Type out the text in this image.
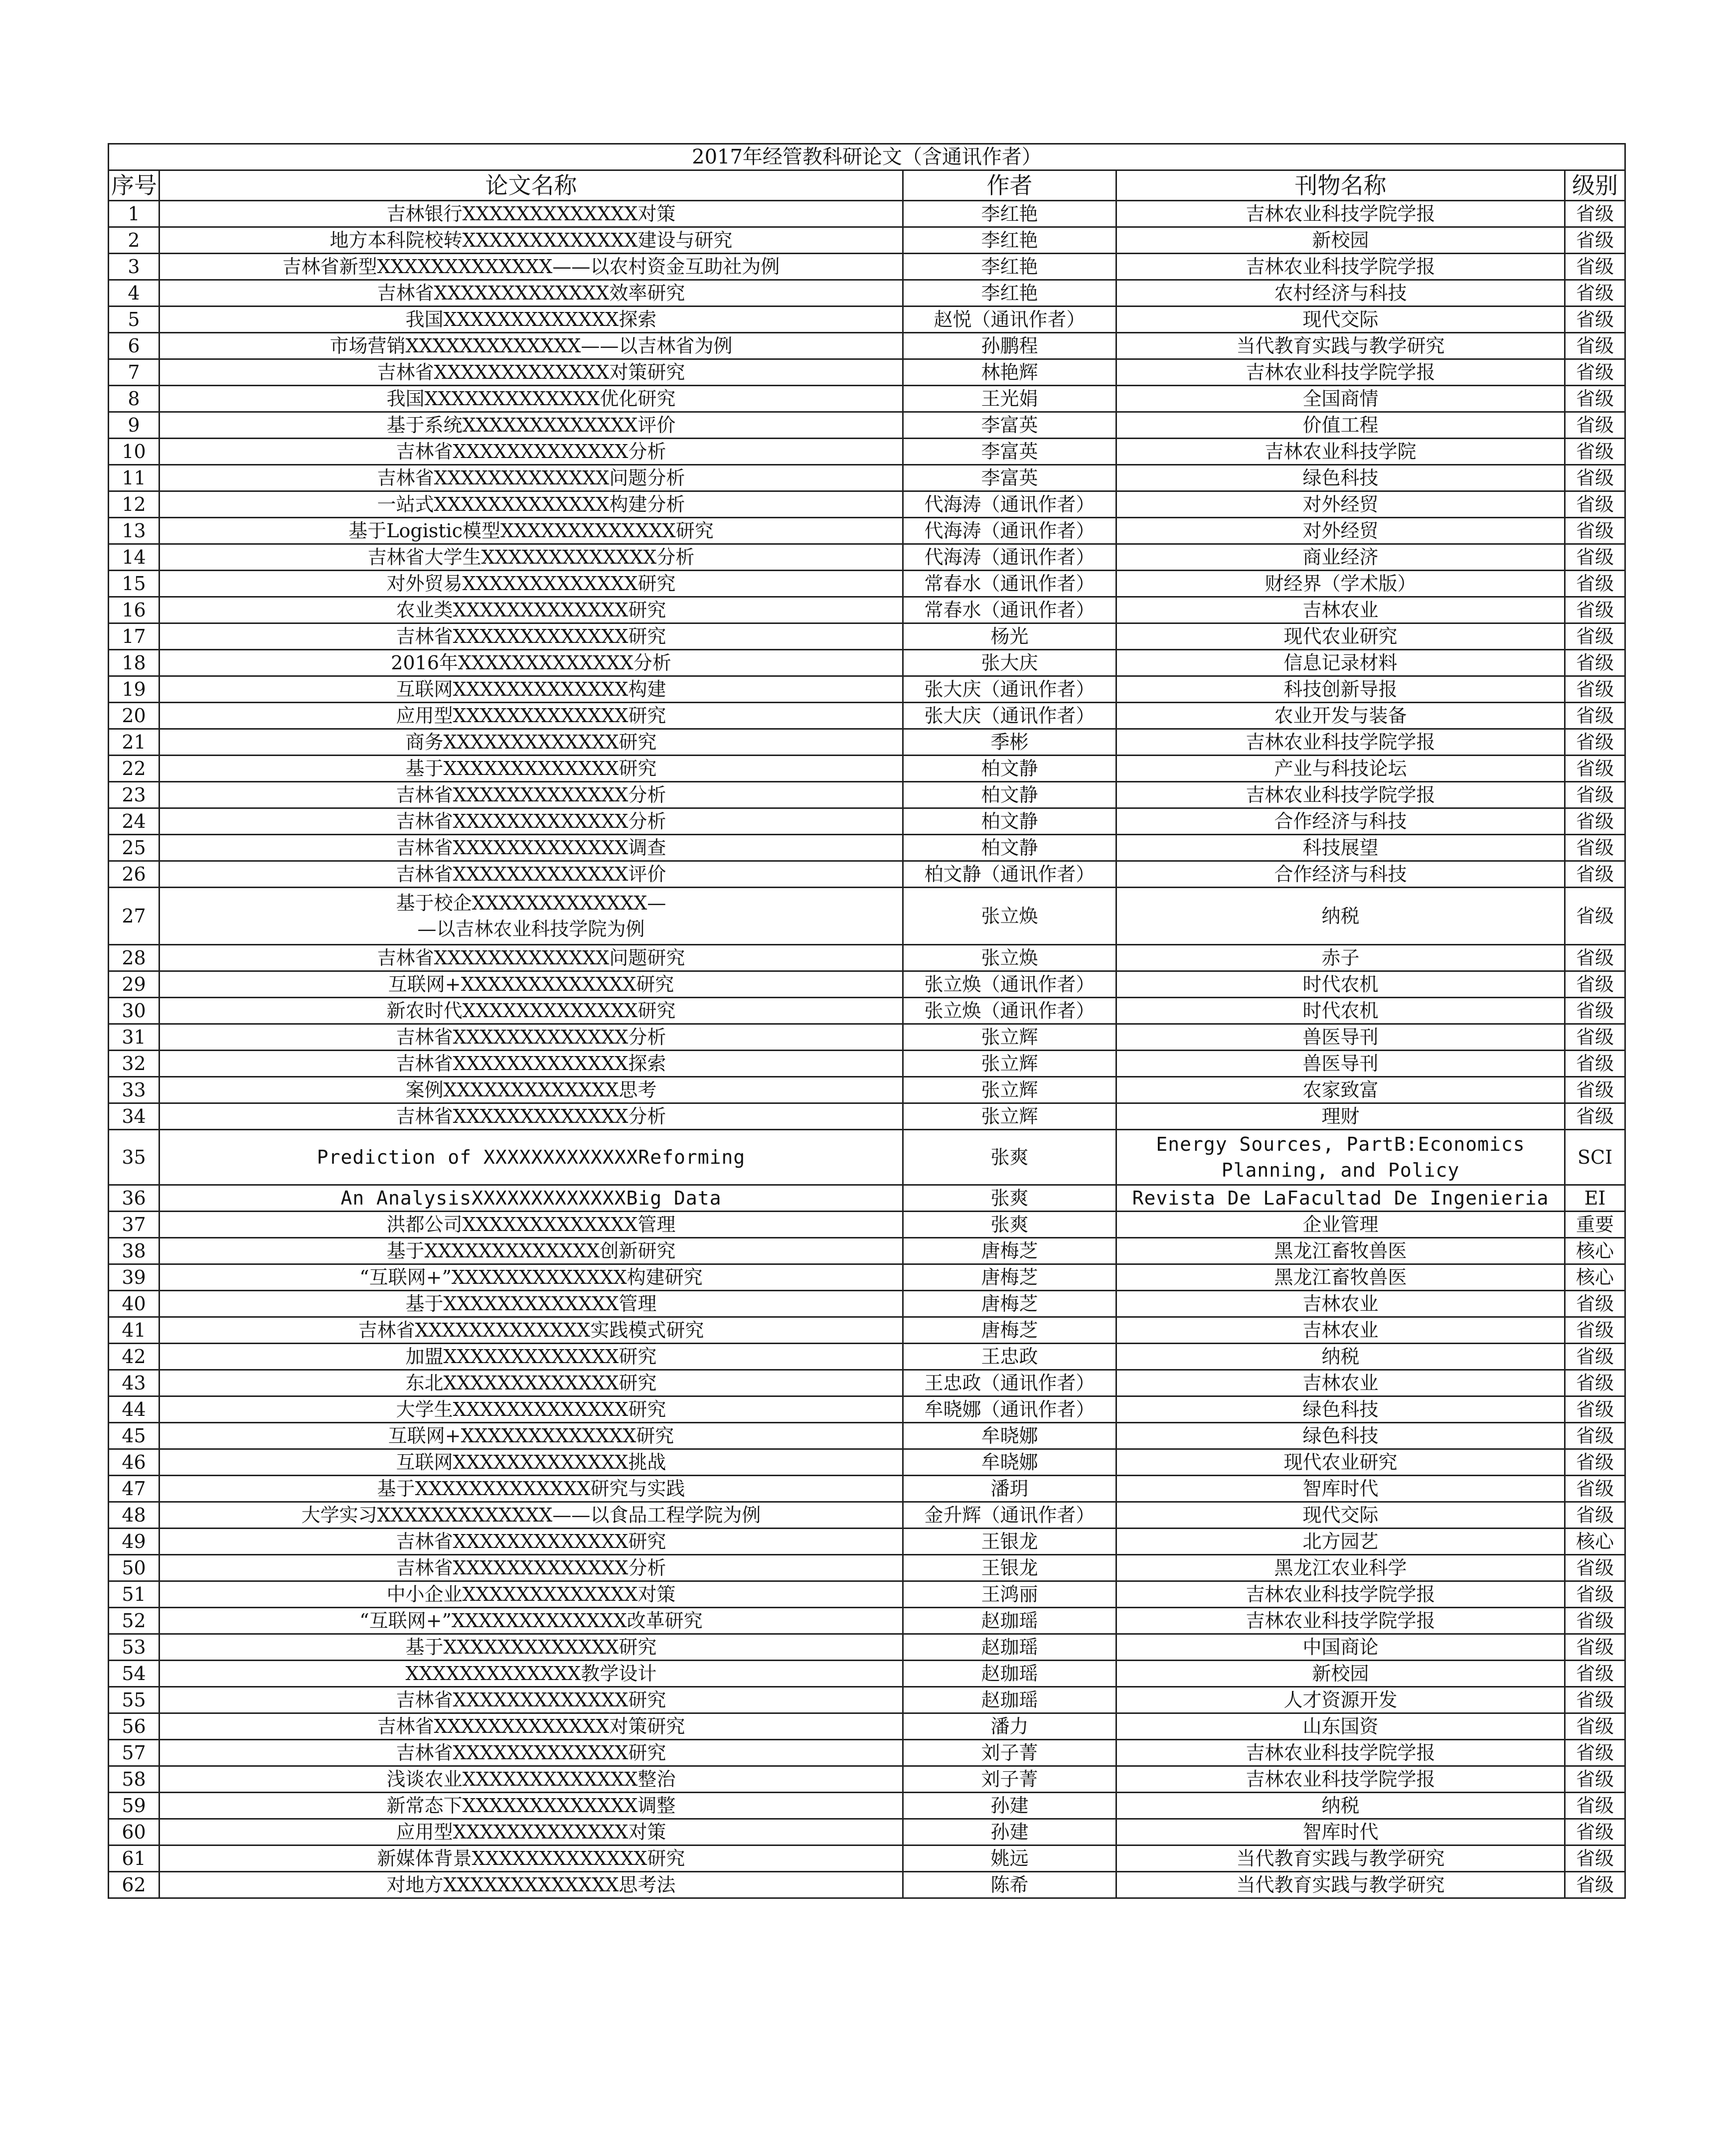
2017年经管教科研论文（含通讯作者）				
序号	论文名称	作者	刊物名称	级别
1	吉林银行XXXXXXXXXXXXX对策	李红艳	吉林农业科技学院学报	省级
2	地方本科院校转XXXXXXXXXXXXX建设与研究	李红艳	新校园	省级
3	吉林省新型XXXXXXXXXXXXX——以农村资金互助社为例	李红艳	吉林农业科技学院学报	省级
4	吉林省XXXXXXXXXXXXX效率研究	李红艳	农村经济与科技	省级
5	我国XXXXXXXXXXXXX探索	赵悦（通讯作者）	现代交际	省级
6	市场营销XXXXXXXXXXXXX——以吉林省为例	孙鹏程	当代教育实践与教学研究	省级
7	吉林省XXXXXXXXXXXXX对策研究	林艳辉	吉林农业科技学院学报	省级
8	我国XXXXXXXXXXXXX优化研究	王光娟	全国商情	省级
9	基于系统XXXXXXXXXXXXX评价	李富英	价值工程	省级
10	吉林省XXXXXXXXXXXXX分析	李富英	吉林农业科技学院	省级
11	吉林省XXXXXXXXXXXXX问题分析	李富英	绿色科技	省级
12	一站式XXXXXXXXXXXXX构建分析	代海涛（通讯作者）	对外经贸	省级
13	基于Logistic模型XXXXXXXXXXXXX研究	代海涛（通讯作者）	对外经贸	省级
14	吉林省大学生XXXXXXXXXXXXX分析	代海涛（通讯作者）	商业经济	省级
15	对外贸易XXXXXXXXXXXXX研究	常春水（通讯作者）	财经界（学术版）	省级
16	农业类XXXXXXXXXXXXX研究	常春水（通讯作者）	吉林农业	省级
17	吉林省XXXXXXXXXXXXX研究	杨光	现代农业研究	省级
18	2016年XXXXXXXXXXXXX分析	张大庆	信息记录材料	省级
19	互联网XXXXXXXXXXXXX构建	张大庆（通讯作者）	科技创新导报	省级
20	应用型XXXXXXXXXXXXX研究	张大庆（通讯作者）	农业开发与装备	省级
21	商务XXXXXXXXXXXXX研究	季彬	吉林农业科技学院学报	省级
22	基于XXXXXXXXXXXXX研究	柏文静	产业与科技论坛	省级
23	吉林省XXXXXXXXXXXXX分析	柏文静	吉林农业科技学院学报	省级
24	吉林省XXXXXXXXXXXXX分析	柏文静	合作经济与科技	省级
25	吉林省XXXXXXXXXXXXX调查	柏文静	科技展望	省级
26	吉林省XXXXXXXXXXXXX评价	柏文静（通讯作者）	合作经济与科技	省级
27	基于校企XXXXXXXXXXXXX—
—以吉林农业科技学院为例	张立焕	纳税	省级
28	吉林省XXXXXXXXXXXXX问题研究	张立焕	赤子	省级
29	互联网+XXXXXXXXXXXXX研究	张立焕（通讯作者）	时代农机	省级
30	新农时代XXXXXXXXXXXXX研究	张立焕（通讯作者）	时代农机	省级
31	吉林省XXXXXXXXXXXXX分析	张立辉	兽医导刊	省级
32	吉林省XXXXXXXXXXXXX探索	张立辉	兽医导刊	省级
33	案例XXXXXXXXXXXXX思考	张立辉	农家致富	省级
34	吉林省XXXXXXXXXXXXX分析	张立辉	理财	省级
35	Prediction of XXXXXXXXXXXXXReforming	张爽	Energy Sources, PartB:Economics
Planning, and Policy	SCI
36	An AnalysisXXXXXXXXXXXXXBig Data	张爽	Revista De LaFacultad De Ingenieria	EI
37	洪都公司XXXXXXXXXXXXX管理	张爽	企业管理	重要
38	基于XXXXXXXXXXXXX创新研究	唐梅芝	黑龙江畜牧兽医	核心
39	“互联网+”XXXXXXXXXXXXX构建研究	唐梅芝	黑龙江畜牧兽医	核心
40	基于XXXXXXXXXXXXX管理	唐梅芝	吉林农业	省级
41	吉林省XXXXXXXXXXXXX实践模式研究	唐梅芝	吉林农业	省级
42	加盟XXXXXXXXXXXXX研究	王忠政	纳税	省级
43	东北XXXXXXXXXXXXX研究	王忠政（通讯作者）	吉林农业	省级
44	大学生XXXXXXXXXXXXX研究	牟晓娜（通讯作者）	绿色科技	省级
45	互联网+XXXXXXXXXXXXX研究	牟晓娜	绿色科技	省级
46	互联网XXXXXXXXXXXXX挑战	牟晓娜	现代农业研究	省级
47	基于XXXXXXXXXXXXX研究与实践	潘玥	智库时代	省级
48	大学实习XXXXXXXXXXXXX——以食品工程学院为例	金升辉（通讯作者）	现代交际	省级
49	吉林省XXXXXXXXXXXXX研究	王银龙	北方园艺	核心
50	吉林省XXXXXXXXXXXXX分析	王银龙	黑龙江农业科学	省级
51	中小企业XXXXXXXXXXXXX对策	王鸿丽	吉林农业科技学院学报	省级
52	“互联网+”XXXXXXXXXXXXX改革研究	赵珈瑶	吉林农业科技学院学报	省级
53	基于XXXXXXXXXXXXX研究	赵珈瑶	中国商论	省级
54	XXXXXXXXXXXXX教学设计	赵珈瑶	新校园	省级
55	吉林省XXXXXXXXXXXXX研究	赵珈瑶	人才资源开发	省级
56	吉林省XXXXXXXXXXXXX对策研究	潘力	山东国资	省级
57	吉林省XXXXXXXXXXXXX研究	刘子菁	吉林农业科技学院学报	省级
58	浅谈农业XXXXXXXXXXXXX整治	刘子菁	吉林农业科技学院学报	省级
59	新常态下XXXXXXXXXXXXX调整	孙建	纳税	省级
60	应用型XXXXXXXXXXXXX对策	孙建	智库时代	省级
61	新媒体背景XXXXXXXXXXXXX研究	姚远	当代教育实践与教学研究	省级
62	对地方XXXXXXXXXXXXX思考法	陈希	当代教育实践与教学研究	省级
